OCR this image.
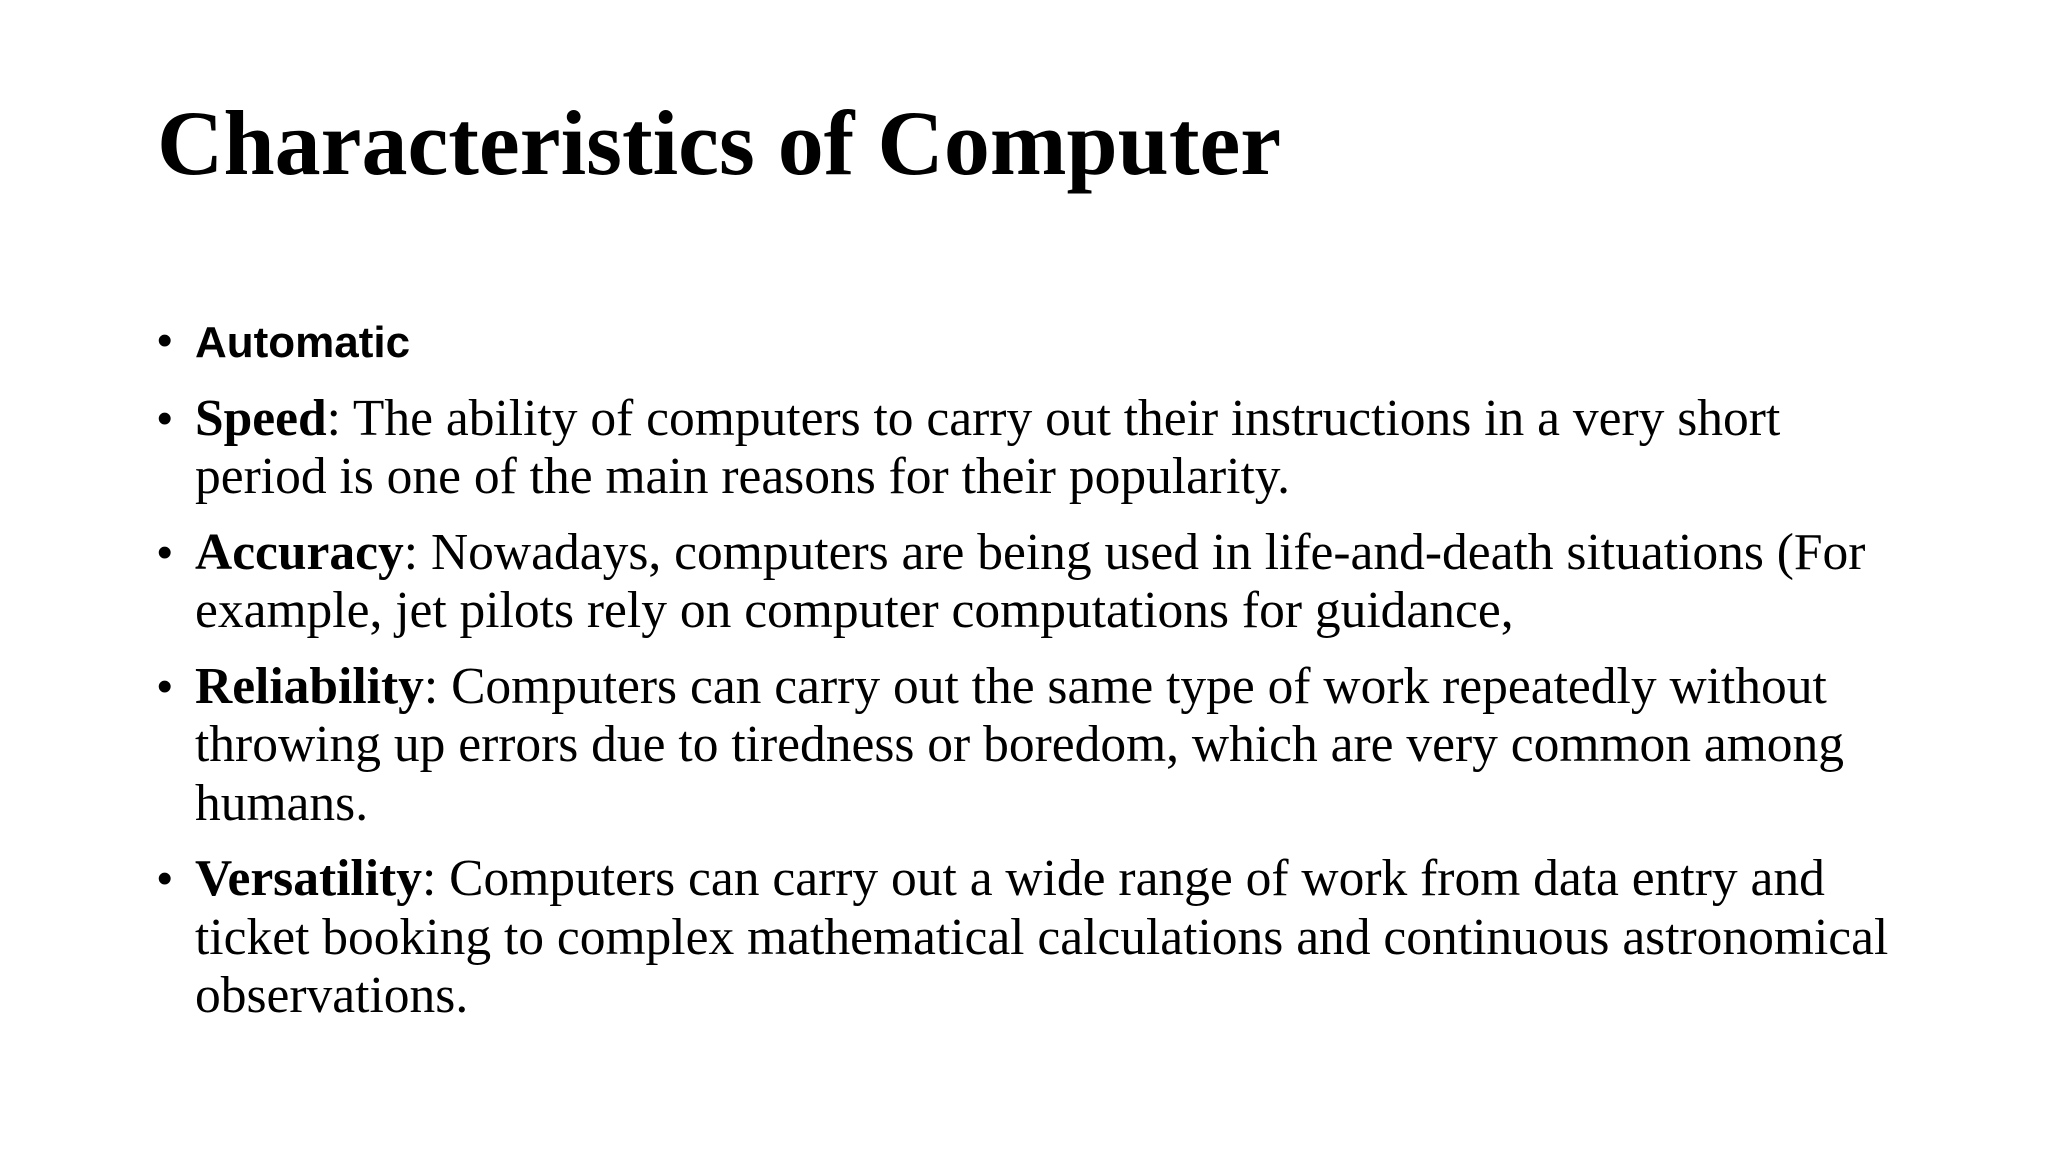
Characteristics of Computer
• Automatic
• Speed: The ability of computers to carry out their instructions in a very short period is one of the main reasons for their popularity.
• Accuracy: Nowadays, computers are being used in life-and-death situations (For example, jet pilots rely on computer computations for guidance,
• Reliability: Computers can carry out the same type of work repeatedly without throwing up errors due to tiredness or boredom, which are very common among humans.
• Versatility: Computers can carry out a wide range of work from data entry and ticket booking to complex mathematical calculations and continuous astronomical observations.
